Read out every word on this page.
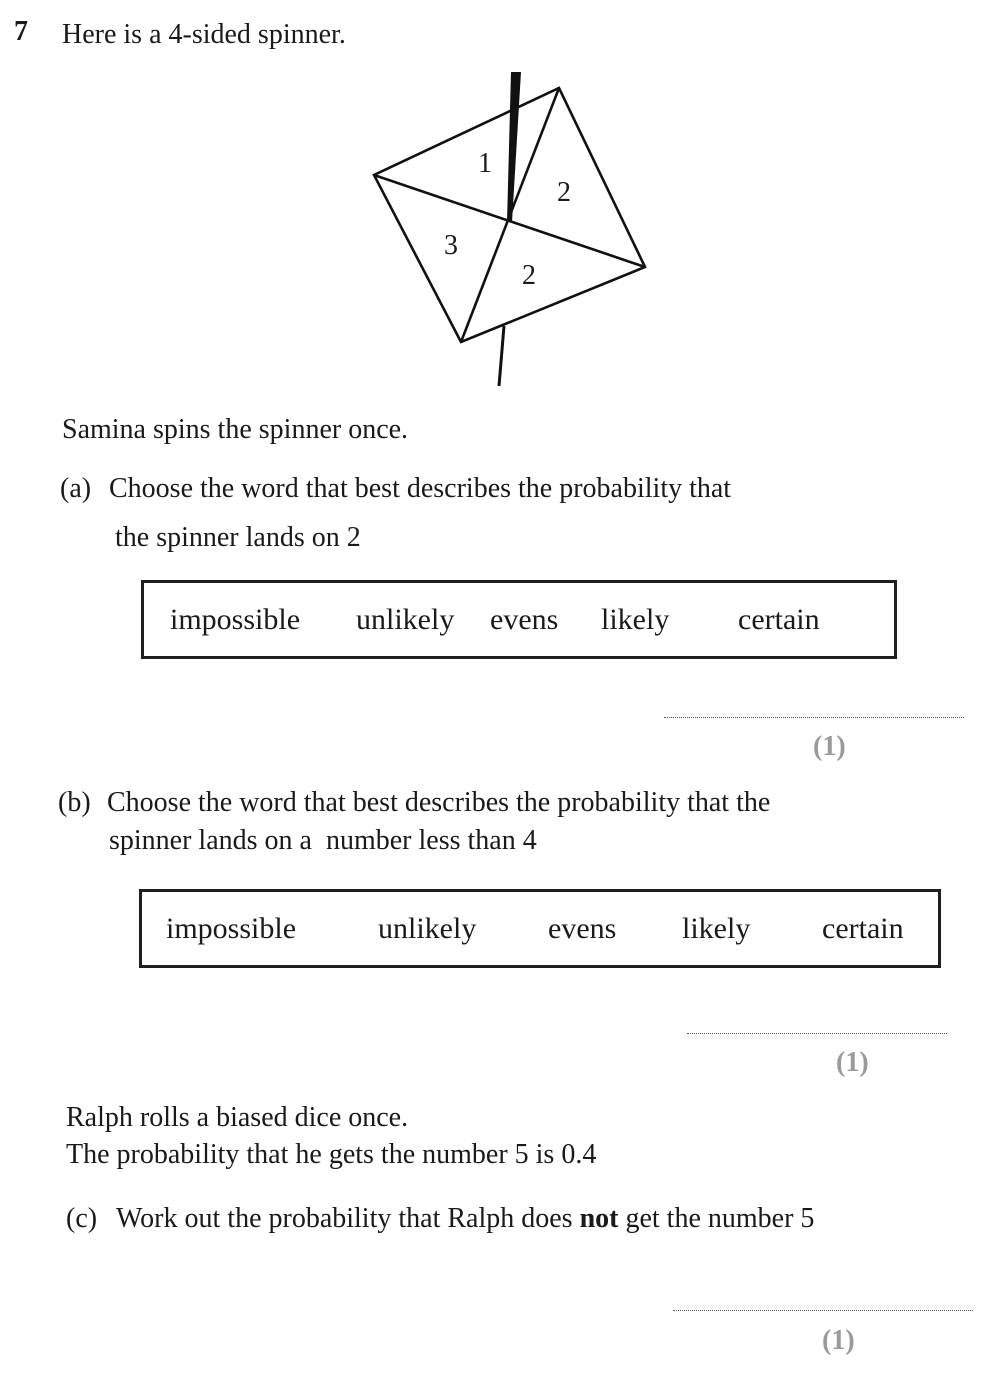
7 Here is a 4-sided spinner.
1
2
3
2
Samina spins the spinner once.
(a) Choose the word that best describes the probability that
the spinner lands on 2
impossible unlikely evens likely certain
(1)
(b) Choose the word that best describes the probability that the
spinner lands on a  number less than 4
impossible	unlikely evens likely certain
(1)
Ralph rolls a biased dice once.
The probability that he gets the number 5 is 0.4
(c) Work out the probability that Ralph does not get the number 5
(1)
